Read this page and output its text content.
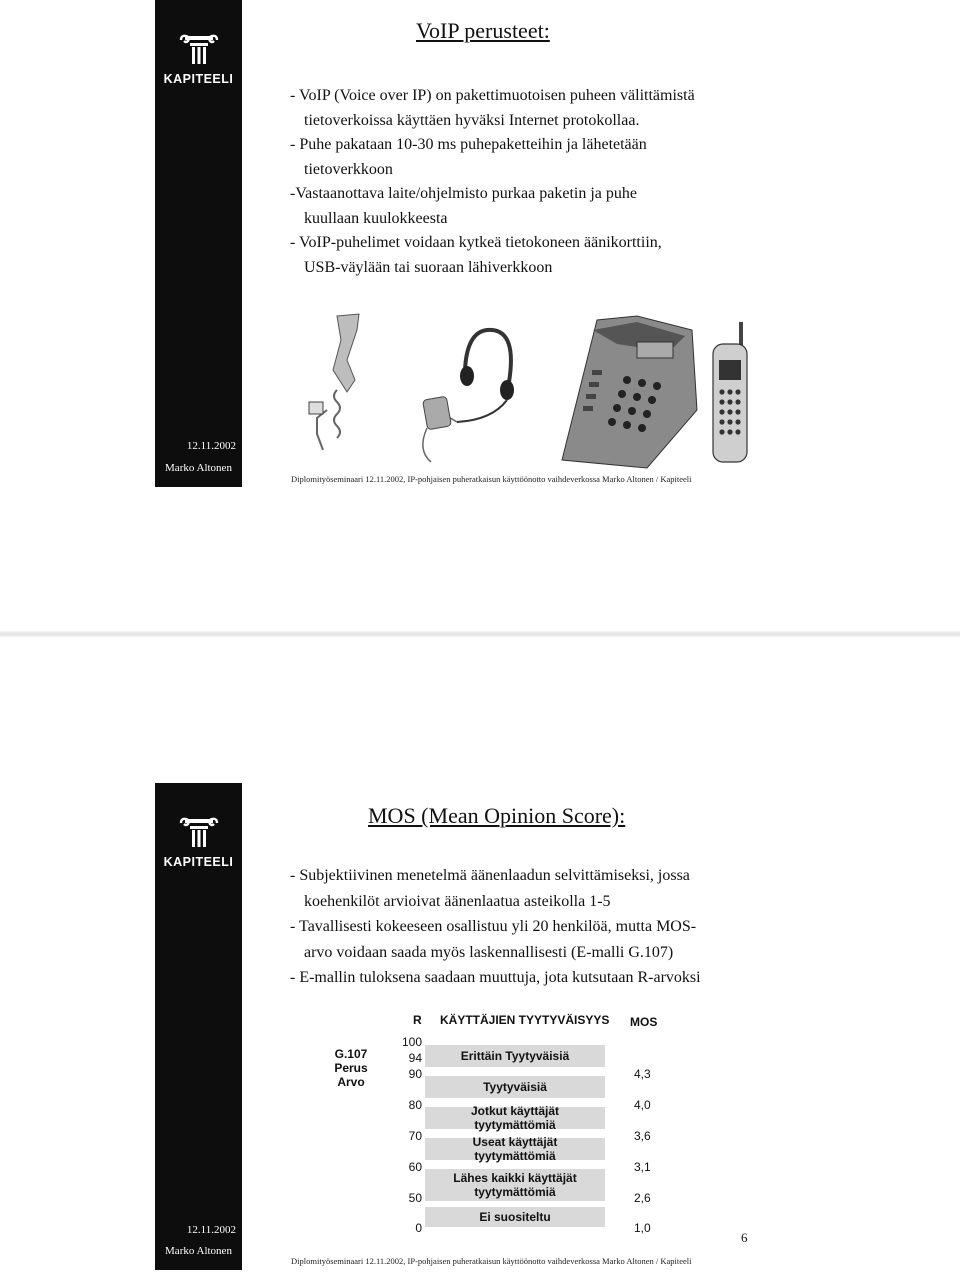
KAPITEELI
12.11.2002
Marko Altonen
VoIP perusteet:

- VoIP (Voice over IP) on pakettimuotoisen puheen välittämistä

tietoverkoissa käyttäen hyväksi Internet protokollaa.

- Puhe pakataan 10-30 ms puhepaketteihin ja lähetetään

tietoverkkoon

-Vastaanottava laite/ohjelmisto purkaa paketin ja puhe

kuullaan kuulokkeesta

- VoIP-puhelimet voidaan kytkeä tietokoneen äänikorttiin,

USB-väylään tai suoraan lähiverkkoon

Diplomityöseminaari 12.11.2002, IP-pohjaisen puheratkaisun käyttöönotto vaihdeverkossa Marko Altonen / Kapiteeli
KAPITEELI
12.11.2002
Marko Altonen
MOS (Mean Opinion Score):

- Subjektiivinen menetelmä äänenlaadun selvittämiseksi, jossa

koehenkilöt arvioivat äänenlaatua asteikolla 1-5

- Tavallisesti kokeeseen osallistuu yli 20 henkilöä, mutta MOS-

arvo voidaan saada myös laskennallisesti (E-malli G.107)

- E-mallin tuloksena saadaan muuttuja, jota kutsutaan R-arvoksi

R KÄYTTÄJIEN TYYTYVÄISYYS MOS
G.107
Perus
Arvo
100
94
90
80
70
60
50
0
Erittäin Tyytyväisiä
Tyytyväisiä
Jotkut käyttäjät tyytymättömiä
Useat käyttäjät tyytymättömiä
Lähes kaikki käyttäjät
tyytymättömiä
Ei suositeltu
4,3
4,0
3,6
3,1
2,6
1,0
6
Diplomityöseminaari 12.11.2002, IP-pohjaisen puheratkaisun käyttöönotto vaihdeverkossa Marko Altonen / Kapiteeli
